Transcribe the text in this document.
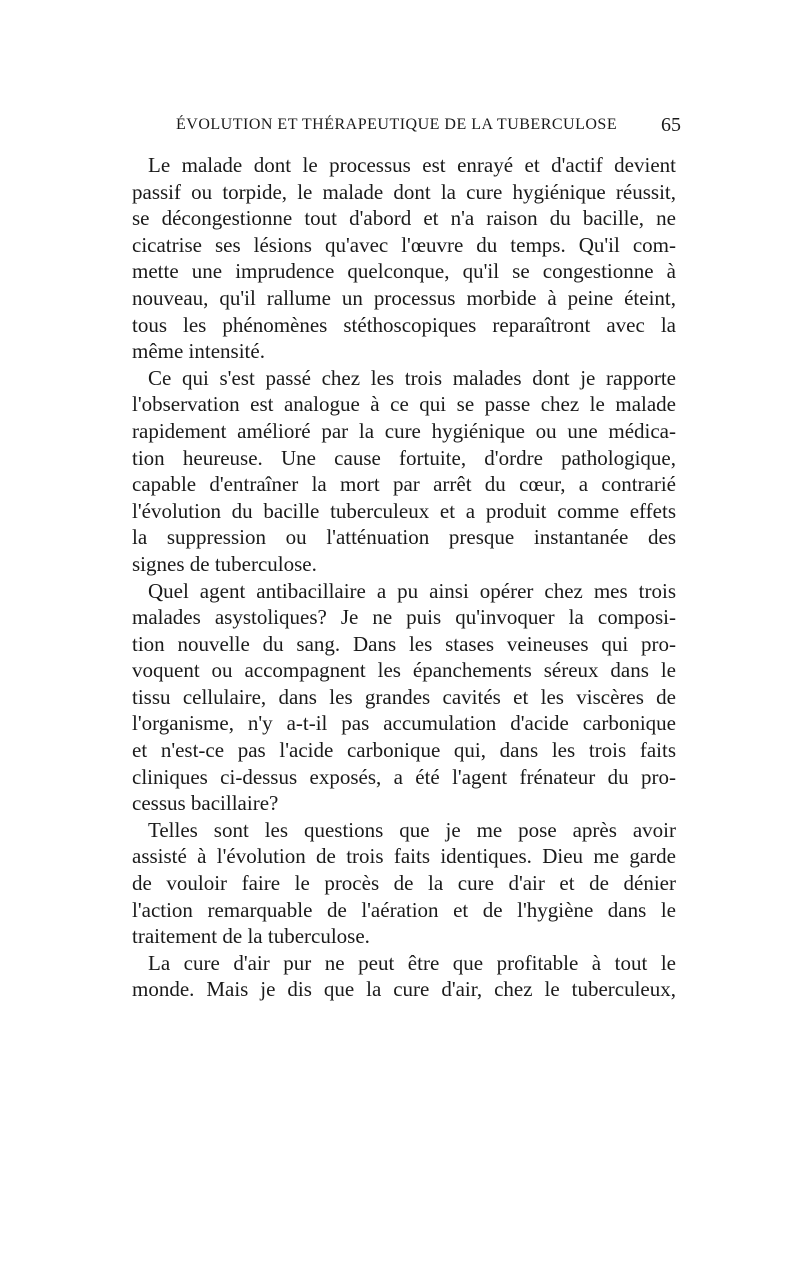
ÉVOLUTION ET THÉRAPEUTIQUE DE LA TUBERCULOSE 65
Le malade dont le processus est enrayé et d'actif devient
passif ou torpide, le malade dont la cure hygiénique réussit,
se décongestionne tout d'abord et n'a raison du bacille, ne
cicatrise ses lésions qu'avec l'œuvre du temps. Qu'il com-
mette une imprudence quelconque, qu'il se congestionne à
nouveau, qu'il rallume un processus morbide à peine éteint,
tous les phénomènes stéthoscopiques reparaîtront avec la
même intensité.
Ce qui s'est passé chez les trois malades dont je rapporte
l'observation est analogue à ce qui se passe chez le malade
rapidement amélioré par la cure hygiénique ou une médica-
tion heureuse. Une cause fortuite, d'ordre pathologique,
capable d'entraîner la mort par arrêt du cœur, a contrarié
l'évolution du bacille tuberculeux et a produit comme effets
la suppression ou l'atténuation presque instantanée des
signes de tuberculose.
Quel agent antibacillaire a pu ainsi opérer chez mes trois
malades asystoliques? Je ne puis qu'invoquer la composi-
tion nouvelle du sang. Dans les stases veineuses qui pro-
voquent ou accompagnent les épanchements séreux dans le
tissu cellulaire, dans les grandes cavités et les viscères de
l'organisme, n'y a-t-il pas accumulation d'acide carbonique
et n'est-ce pas l'acide carbonique qui, dans les trois faits
cliniques ci-dessus exposés, a été l'agent frénateur du pro-
cessus bacillaire?
Telles sont les questions que je me pose après avoir
assisté à l'évolution de trois faits identiques. Dieu me garde
de vouloir faire le procès de la cure d'air et de dénier
l'action remarquable de l'aération et de l'hygiène dans le
traitement de la tuberculose.
La cure d'air pur ne peut être que profitable à tout le
monde. Mais je dis que la cure d'air, chez le tuberculeux,
